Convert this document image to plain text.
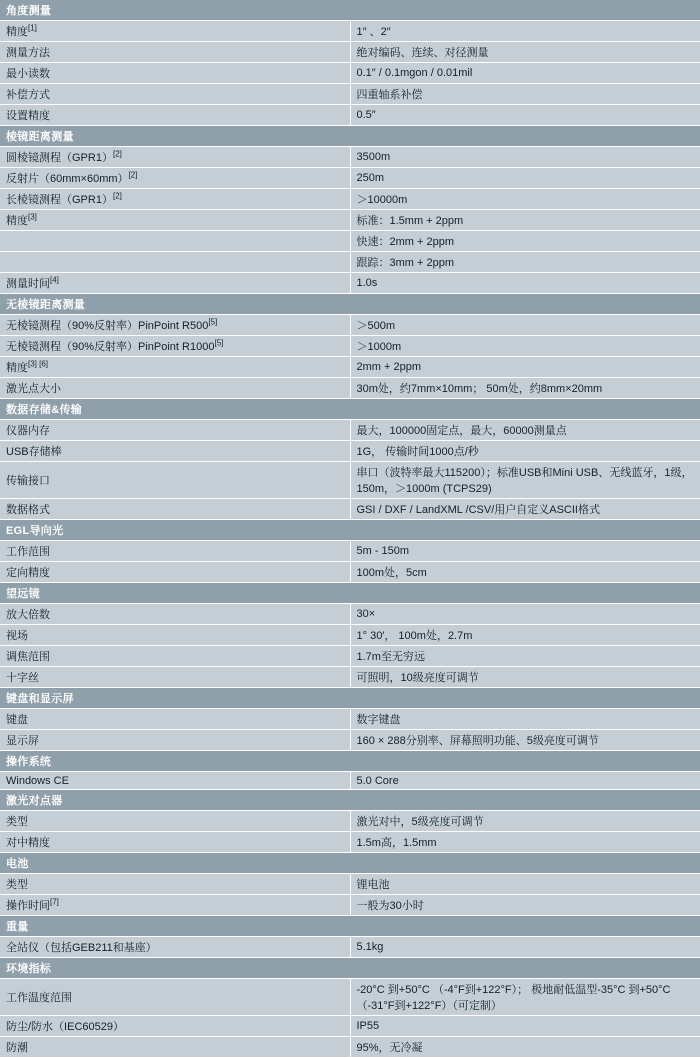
角度测量	
精度[1]	1″ 、2″
测量方法	绝对编码、连续、对径测量
最小读数	0.1″ / 0.1mgon / 0.01mil
补偿方式	四重轴系补偿
设置精度	0.5″
棱镜距离测量	
圆棱镜测程（GPR1）[2]	3500m
反射片（60mm×60mm）[2]	250m
长棱镜测程（GPR1）[2]	＞10000m
精度[3]	标准：1.5mm + 2ppm
	快速：2mm + 2ppm
	跟踪：3mm + 2ppm
测量时间[4]	1.0s
无棱镜距离测量	
无棱镜测程（90%反射率）PinPoint R500[5]	＞500m
无棱镜测程（90%反射率）PinPoint R1000[5]	＞1000m
精度[3] [6]	2mm + 2ppm
激光点大小	30m处，约7mm×10mm； 50m处，约8mm×20mm
数据存储&传输	
仪器内存	最大，100000固定点，最大，60000测量点
USB存储棒	1G， 传输时间1000点/秒
传输接口	串口（波特率最大115200）；标准USB和Mini USB、无线蓝牙，1级，150m，＞1000m (TCPS29)
数据格式	GSI / DXF / LandXML /CSV/用户自定义ASCII格式
EGL导向光	
工作范围	5m - 150m
定向精度	100m处，5cm
望远镜	
放大倍数	30×
视场	1° 30′， 100m处，2.7m
调焦范围	1.7m至无穷远
十字丝	可照明，10级亮度可调节
键盘和显示屏	
键盘	数字键盘
显示屏	160 × 288分别率、屏幕照明功能、5级亮度可调节
操作系统	
Windows CE	5.0 Core
激光对点器	
类型	激光对中，5级亮度可调节
对中精度	1.5m高，1.5mm
电池	
类型	锂电池
操作时间[7]	一般为30小时
重量	
全站仪（包括GEB211和基座）	5.1kg
环境指标	
工作温度范围	-20°C 到+50°C （-4°F到+122°F）； 极地耐低温型-35°C 到+50°C （-31°F到+122°F）（可定制）
防尘/防水（IEC60529）	IP55
防潮	95%，无冷凝
